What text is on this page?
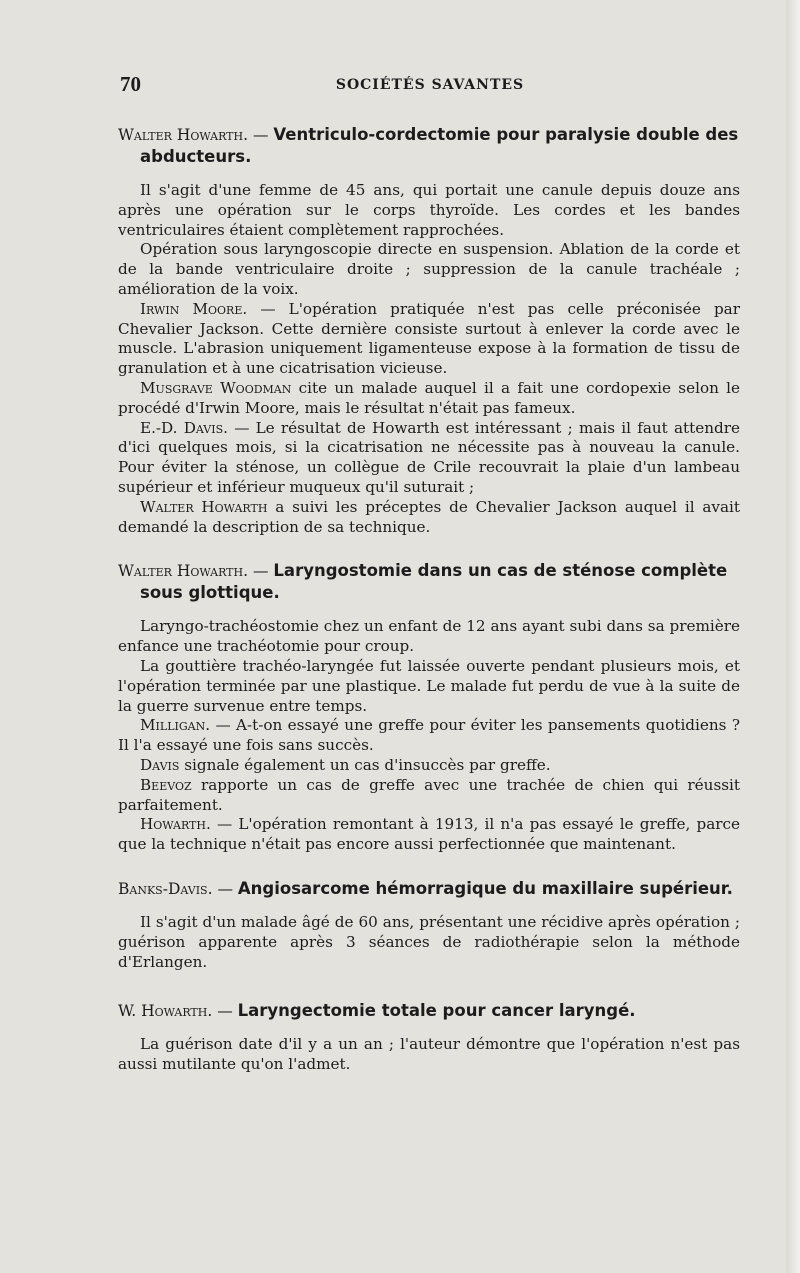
70	SOCIÉTÉS SAVANTES
Walter Howarth. — Ventriculo-cordectomie pour paralysie double des abducteurs.

Il s'agit d'une femme de 45 ans, qui portait une canule depuis douze ans après une opération sur le corps thyroïde. Les cordes et les bandes ventriculaires étaient complètement rapprochées.

Opération sous laryngoscopie directe en suspension. Ablation de la corde et de la bande ventriculaire droite ; suppression de la canule trachéale ; amélioration de la voix.

Irwin Moore. — L'opération pratiquée n'est pas celle préconisée par Chevalier Jackson. Cette dernière consiste surtout à enlever la corde avec le muscle. L'abrasion uniquement ligamenteuse expose à la formation de tissu de granulation et à une cicatrisation vicieuse.

Musgrave Woodman cite un malade auquel il a fait une cordopexie selon le procédé d'Irwin Moore, mais le résultat n'était pas fameux.

E.-D. Davis. — Le résultat de Howarth est intéressant ; mais il faut attendre d'ici quelques mois, si la cicatrisation ne nécessite pas à nouveau la canule. Pour éviter la sténose, un collègue de Crile recouvrait la plaie d'un lambeau supérieur et inférieur muqueux qu'il suturait ;

Walter Howarth a suivi les préceptes de Chevalier Jackson auquel il avait demandé la description de sa technique.

Walter Howarth. — Laryngostomie dans un cas de sténose complète sous glottique.

Laryngo-trachéostomie chez un enfant de 12 ans ayant subi dans sa première enfance une trachéotomie pour croup.

La gouttière trachéo-laryngée fut laissée ouverte pendant plusieurs mois, et l'opération terminée par une plastique. Le malade fut perdu de vue à la suite de la guerre survenue entre temps.

Milligan. — A-t-on essayé une greffe pour éviter les pansements quotidiens ? Il l'a essayé une fois sans succès.

Davis signale également un cas d'insuccès par greffe.

Beevoz rapporte un cas de greffe avec une trachée de chien qui réussit parfaitement.

Howarth. — L'opération remontant à 1913, il n'a pas essayé le greffe, parce que la technique n'était pas encore aussi perfectionnée que maintenant.

Banks-Davis. — Angiosarcome hémorragique du maxillaire supérieur.

Il s'agit d'un malade âgé de 60 ans, présentant une récidive après opération ; guérison apparente après 3 séances de radiothérapie selon la méthode d'Erlangen.

W. Howarth. — Laryngectomie totale pour cancer laryngé.

La guérison date d'il y a un an ; l'auteur démontre que l'opération n'est pas aussi mutilante qu'on l'admet.
